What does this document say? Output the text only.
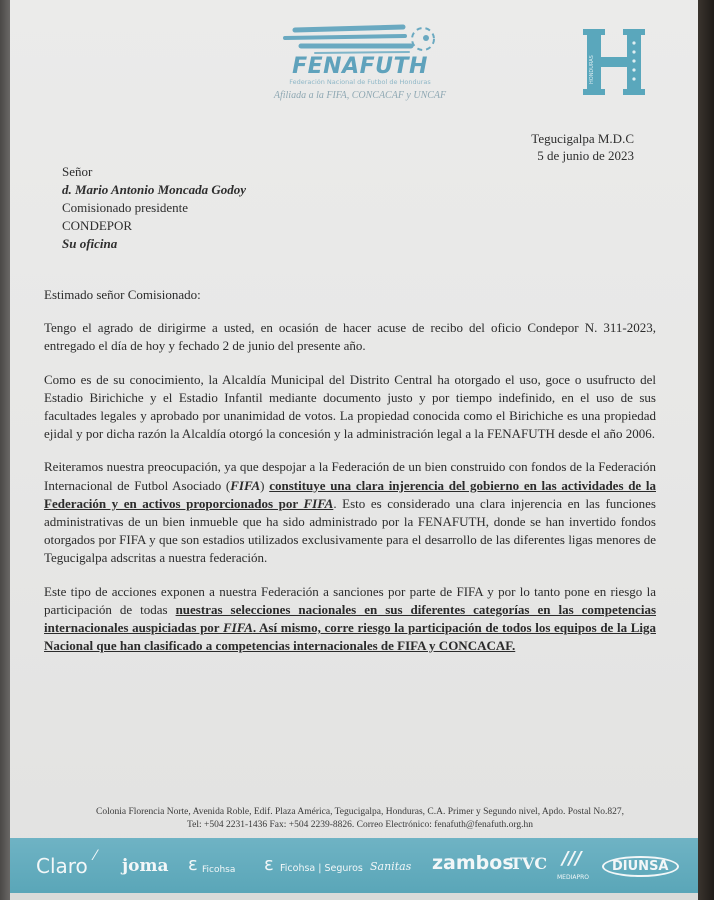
FENAFUTH
Federación Nacional de Futbol de Honduras
Afiliada a la FIFA, CONCACAF y UNCAF
HONDURAS
Tegucigalpa M.D.C
5 de junio de 2023
Señor
d. Mario Antonio Moncada Godoy
Comisionado presidente
CONDEPOR
Su oficina

Estimado señor Comisionado:

Tengo el agrado de dirigirme a usted, en ocasión de hacer acuse de recibo del oficio Condepor N. 311-2023, entregado el día de hoy y fechado 2 de junio del presente año.

Como es de su conocimiento, la Alcaldía Municipal del Distrito Central ha otorgado el uso, goce o usufructo del Estadio Birichiche y el Estadio Infantil mediante documento justo y por tiempo indefinido, en el uso de sus facultades legales y aprobado por unanimidad de votos. La propiedad conocida como el Birichiche es una propiedad ejidal y por dicha razón la Alcaldía otorgó la concesión y la administración legal a la FENAFUTH desde el año 2006.

Reiteramos nuestra preocupación, ya que despojar a la Federación de un bien construido con fondos de la Federación Internacional de Futbol Asociado (FIFA) constituye una clara injerencia del gobierno en las actividades de la Federación y en activos proporcionados por FIFA. Esto es considerado una clara injerencia en las funciones administrativas de un bien inmueble que ha sido administrado por la FENAFUTH, donde se han invertido fondos otorgados por FIFA y que son estadios utilizados exclusivamente para el desarrollo de las diferentes ligas menores de Tegucigalpa adscritas a nuestra federación.

Este tipo de acciones exponen a nuestra Federación a sanciones por parte de FIFA y por lo tanto pone en riesgo la participación de todas nuestras selecciones nacionales en sus diferentes categorías en las competencias internacionales auspiciadas por FIFA. Así mismo, corre riesgo la participación de todos los equipos de la Liga Nacional que han clasificado a competencias internacionales de FIFA y CONCACAF.

Colonia Florencia Norte, Avenida Roble, Edif. Plaza América, Tegucigalpa, Honduras, C.A. Primer y Segundo nivel, Apdo. Postal No.827,
Tel: +504 2231-1436 Fax: +504 2239-8826. Correo Electrónico: fenafuth@fenafuth.org.hn
Claro ⁄ joma ɛ Ficohsa ɛ Ficohsa | Seguros Sanitas zambos
TVC ///
MEDIAPRO
DIUNSA
